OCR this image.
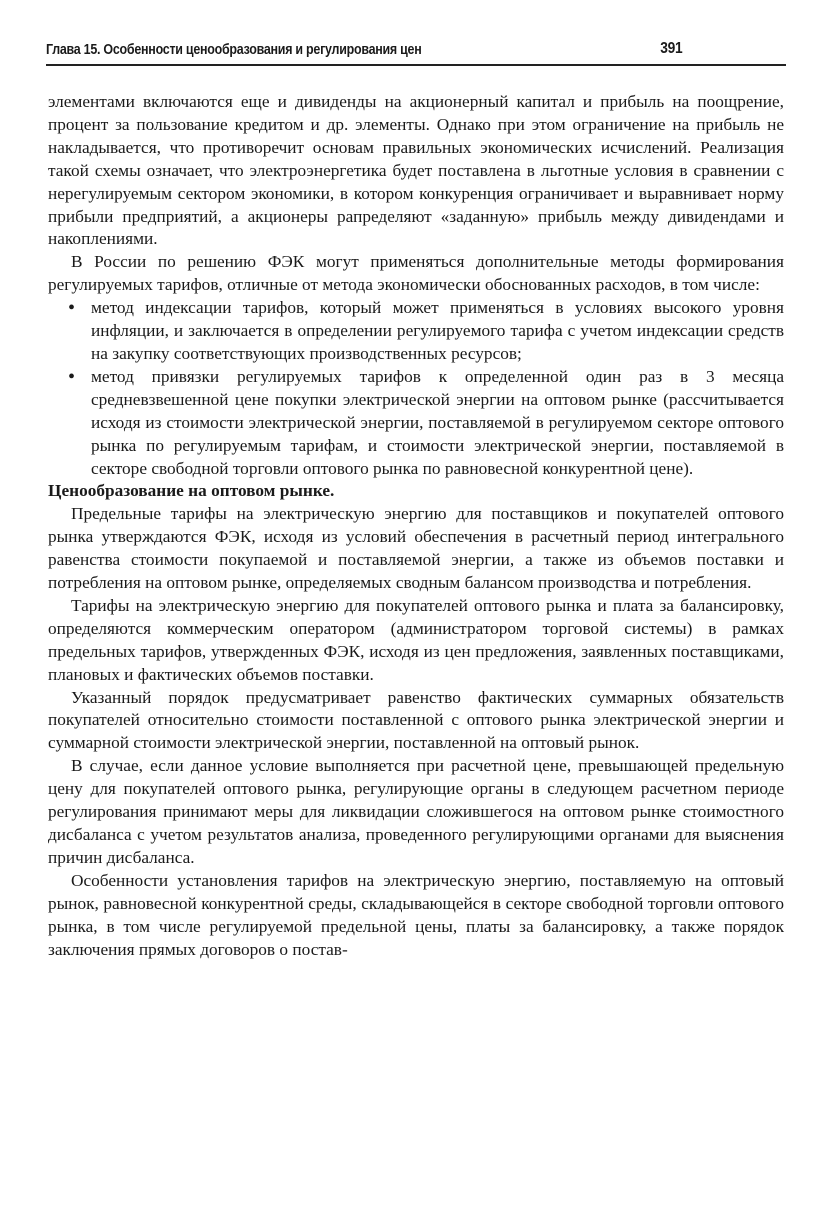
Глава 15. Особенности ценообразования и регулирования цен	391

элементами включаются еще и дивиденды на акционерный капитал и прибыль на поощрение, процент за пользование кредитом и др. элементы. Однако при этом ограничение на прибыль не накладывается, что противоречит основам правильных экономических исчислений. Реализация такой схемы означает, что электроэнергетика будет поставлена в льготные условия в сравнении с нерегулируемым сектором экономики, в котором конкуренция ограничивает и выравнивает норму прибыли предприятий, а акционеры рапределяют «заданную» прибыль между дивидендами и накоплениями.

В России по решению ФЭК могут применяться дополнительные методы формирования регулируемых тарифов, отличные от метода экономически обоснованных расходов, в том числе:

• метод индексации тарифов, который может применяться в условиях высокого уровня инфляции, и заключается в определении регулируемого тарифа с учетом индексации средств на закупку соответствующих производственных ресурсов;
• метод привязки регулируемых тарифов к определенной один раз в 3 месяца средневзвешенной цене покупки электрической энергии на оптовом рынке (рассчитывается исходя из стоимости электрической энергии, поставляемой в регулируемом секторе оптового рынка по регулируемым тарифам, и стоимости электрической энергии, поставляемой в секторе свободной торговли оптового рынка по равновесной конкурентной цене).

Ценообразование на оптовом рынке.

Предельные тарифы на электрическую энергию для поставщиков и покупателей оптового рынка утверждаются ФЭК, исходя из условий обеспечения в расчетный период интегрального равенства стоимости покупаемой и поставляемой энергии, а также из объемов поставки и потребления на оптовом рынке, определяемых сводным балансом производства и потребления.

Тарифы на электрическую энергию для покупателей оптового рынка и плата за балансировку, определяются коммерческим оператором (администратором торговой системы) в рамках предельных тарифов, утвержденных ФЭК, исходя из цен предложения, заявленных поставщиками, плановых и фактических объемов поставки.

Указанный порядок предусматривает равенство фактических суммарных обязательств покупателей относительно стоимости поставленной с оптового рынка электрической энергии и суммарной стоимости электрической энергии, поставленной на оптовый рынок.

В случае, если данное условие выполняется при расчетной цене, превышающей предельную цену для покупателей оптового рынка, регулирующие органы в следующем расчетном периоде регулирования принимают меры для ликвидации сложившегося на оптовом рынке стоимостного дисбаланса с учетом результатов анализа, проведенного регулирующими органами для выяснения причин дисбаланса.

Особенности установления тарифов на электрическую энергию, поставляемую на оптовый рынок, равновесной конкурентной среды, складывающейся в секторе свободной торговли оптового рынка, в том числе регулируемой предельной цены, платы за балансировку, а также порядок заключения прямых договоров о постав-
